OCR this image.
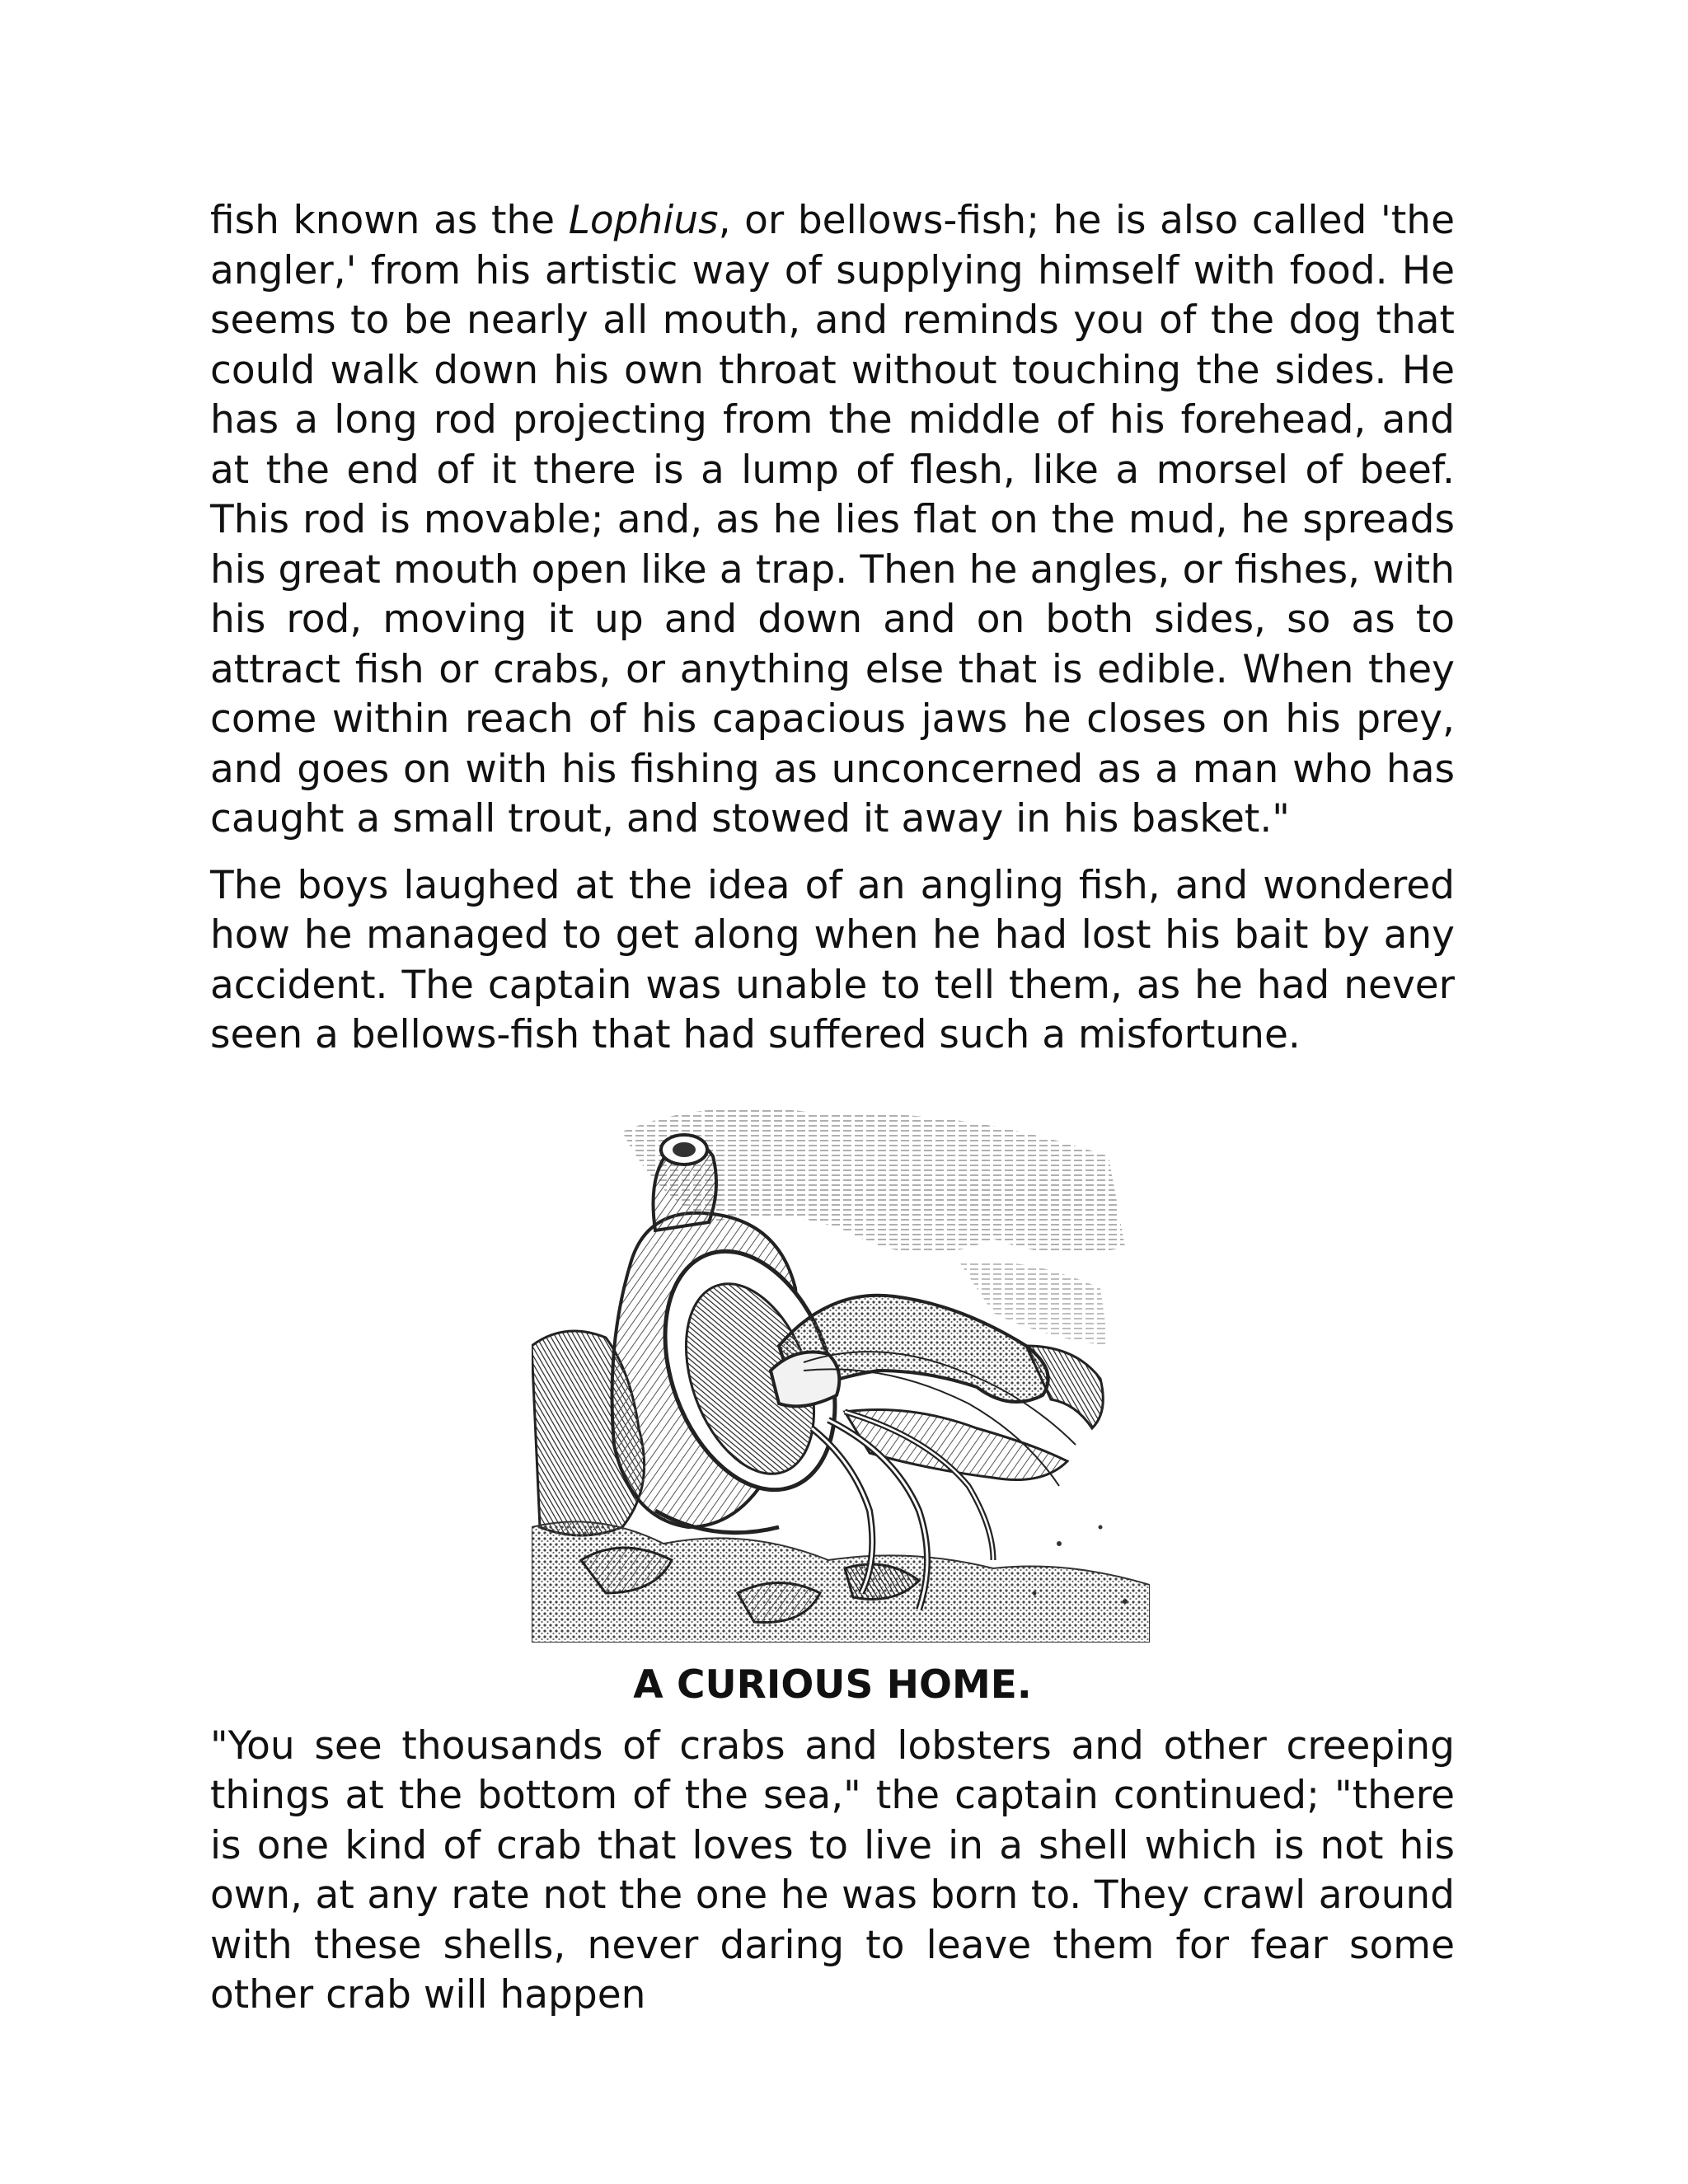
fish known as the Lophius, or bellows-fish; he is also called 'the angler,' from his artistic way of supplying himself with food. He seems to be nearly all mouth, and reminds you of the dog that could walk down his own throat without touching the sides. He has a long rod projecting from the middle of his forehead, and at the end of it there is a lump of flesh, like a morsel of beef. This rod is movable; and, as he lies flat on the mud, he spreads his great mouth open like a trap. Then he angles, or fishes, with his rod, moving it up and down and on both sides, so as to attract fish or crabs, or anything else that is edible. When they come within reach of his capacious jaws he closes on his prey, and goes on with his fishing as unconcerned as a man who has caught a small trout, and stowed it away in his basket."

The boys laughed at the idea of an angling fish, and wondered how he managed to get along when he had lost his bait by any accident. The captain was unable to tell them, as he had never seen a bellows-fish that had suffered such a misfortune.

A CURIOUS HOME.

"You see thousands of crabs and lobsters and other creeping things at the bottom of the sea," the captain continued; "there is one kind of crab that loves to live in a shell which is not his own, at any rate not the one he was born to. They crawl around with these shells, never daring to leave them for fear some other crab will happen
